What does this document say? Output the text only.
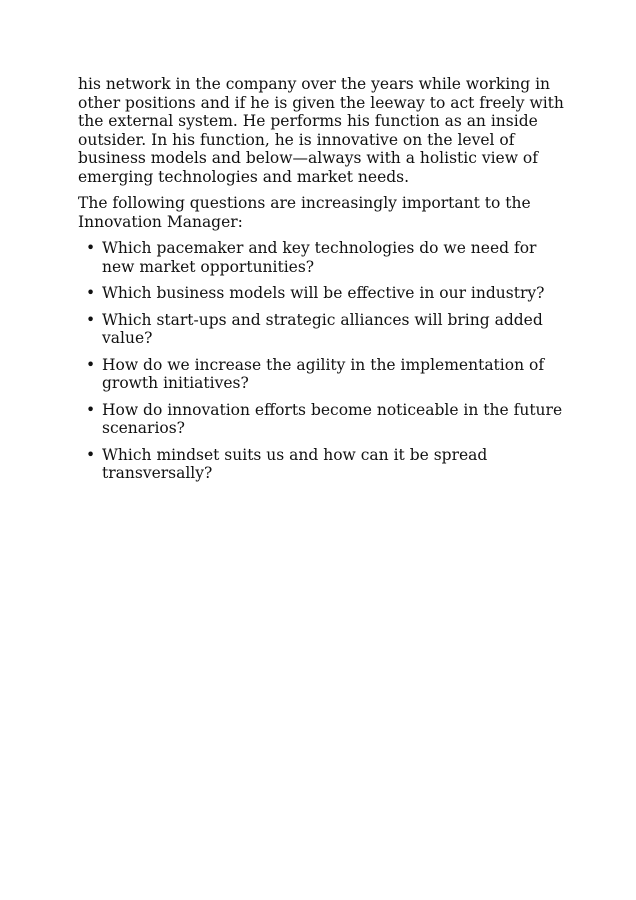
his network in the company over the years while working in other positions and if he is given the leeway to act freely with the external system. He performs his function as an inside outsider. In his function, he is innovative on the level of business models and below—always with a holistic view of emerging technologies and market needs.

The following questions are increasingly important to the Innovation Manager:

• Which pacemaker and key technologies do we need for new market opportunities?
• Which business models will be effective in our industry?
• Which start-ups and strategic alliances will bring added value?
• How do we increase the agility in the implementation of growth initiatives?
• How do innovation efforts become noticeable in the future scenarios?
• Which mindset suits us and how can it be spread transversally?
